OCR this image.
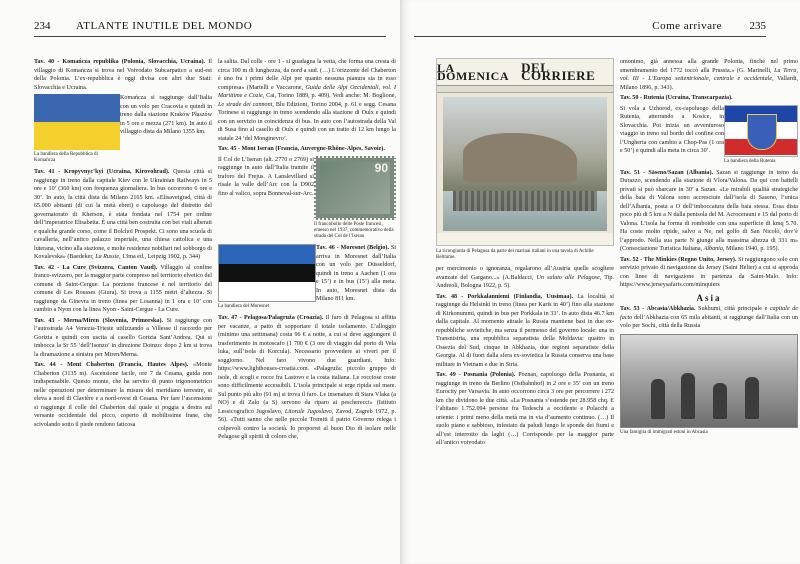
234 ATLANTE INUTILE DEL MONDO

Tav. 40 - Komańcza republika (Polonia, Slovacchia, Ucraina). Il villaggio di Komańcza si trova nel Voivodato Subcarpatico a sud-est della Polonia. L’ex-repubblica è oggi divisa con altri due Stati: Slovacchia e Ucraina.

La bandiera della Repubblica di Komańcza

Komańcza si raggiunge dall’Italia con un volo per Cracovia e quindi in treno dalla stazione Kraków Płaszów in 5 ore e mezza (271 km). In auto il villaggio dista da Milano 1355 km.

Tav. 41 - Kropyvnyc’kyi (Ucraina, Kirovohrad). Questa città si raggiunge in treno dalla capitale Kiev con le Ukrainian Railways in 5 ore e 10’ (360 km) con frequenza giornaliera. In bus occorrono 6 ore e 30’. In auto, la città dista da Milano 2165 km. «Elisavetgrad, città di 65.000 abitanti (di cui la metà ebrei) e capoluogo del distretto del governatorato di Kherson, è stata fondata nel 1754 per ordine dell’imperatrice Elisabetta. È una città ben costruita con bei viali alberati e qualche grande corso, come il Bolchoï Prospekt. Ci sono una scuola di cavalleria, nell’antico palazzo imperiale, una chiesa cattolica e una luterana, vicino alla stazione, e molte residenze nobiliari nel sobborgo di Kovalevska» (Baedeker, La Russie, 13ma ed., Leipzig 1902, p. 344)

Tav. 42 - La Cure (Svizzera, Canton Vaud). Villaggio al confine franco-svizzero, per la maggior parte compreso nel territorio elvetico del comune di Saint-Cergue. La porzione francese è nel territorio del comune di Les Rousses (Giura). Si trova a 1155 metri d’altezza. Si raggiunge da Ginevra in treno (linea per Losanna) in 1 ora e 10’ con cambio a Nyon con la linea Nyon - Saint-Cergue - La Cure.

Tav. 43 - Merna/Miren (Slovenia, Primorska). Si raggiunge con l’autostrada A4 Venezia-Trieste utilizzando a Villesse il raccordo per Gorizia e quindi con uscita al casello Gorizia Sant’Andrea. Qui si imbocca la Sr 55 ‘dell’Isonzo’ in direzione Doinzo: dopo 2 km si trova la diramazione a sinistra per Miren/Merna.

Tav. 44 - Mont Chaberton (Francia, Hautes Alpes). «Monte Chaberton (3135 m). Ascensione facile, ore 7 da Cesana, guida non indispensabile. Questo monte, che ha servito di punto trigonometrico nelle operazioni per determinare la misura del meridiano terrestre, si eleva a nord di Clavière e a nord-ovest di Cesana. Per fare l’ascensione si raggiunge il colle del Chaberton dal quale si poggia a destra sul versante occidentale del picco, coperto di mobilissime frane, che scivolando sotto il piede rendono faticosa

la salita. Dal colle - ore 1 - si guadagna la vetta, che forma una cresta di circa 100 m di lunghezza, da nord a sud. (…) L’orizzonte del Chaberton è uno fra i primi delle Alpi per quanto nessuna pianura sia in esso compresa» (Martelli e Vaccarone, Guida delle Alpi Occidentali, vol. I Marittime e Cozie, Cai, Torino 1889, p. 409). Vedi anche: M. Boglione, Le strade dei cannoni, Blu Edizioni, Torino 2004, p. 61 e segg. Cesana Torinese si raggiunge in treno scendendo alla stazione di Oulx e quindi con un servizio in coincidenza di bus. In auto con l’autostrada della Val di Susa fino al casello di Oulx e quindi con un tratto di 12 km lungo la statale 24 ‘del Monginevro’.

Tav. 45 - Mont Iseran (Francia, Auvergne-Rhône-Alpes, Savoie).

90
Il francobollo delle Poste francesi, emesso nel 1937, commemorativo della strada del Col de l’Iseran

Il Col de L’Iseran (alt. 2770 o 2769) si raggiunge in auto dall’Italia tramite il traforo del Frejus. A Lanslevillard si risale la valle dell’Arc con la D902 fino al valico, sopra Bonneval-sur-Arc.

La bandiera del Moresnet

Tav. 46 - Moresnet (Belgio). Si arriva in Moresnet dall’Italia con un volo per Düsseldorf, quindi in treno a Aachen (1 ora e 15’) e in bus (15’) alla meta. In auto, Moresnet dista da Milano 811 km.

Tav. 47 - Pelagosa/Palagruža (Croazia). Il faro di Pelagosa si affitta per vacanze, a patto di sopportare il totale isolamento. L’alloggio (minimo una settimana) costa 96 € a notte, a cui si deve aggiungere il trasferimento in motoscafo (1 700 € (3 ore di viaggio dal porto di Vela luka, sull’isola di Korcula). Necessario provvedere ai viveri per il soggiorno. Nel faro vivono due guardiani. Info: https://www.lighthouses-croatia.com. «Palagruža: piccolo gruppo di isole, di scogli e rocce fra Lastovo e la costa italiana. Le rocciose coste sono difficilmente accessibili. L’isola principale si erge ripida sul mare. Sul punto più alto (91 m) si trova il faro. Le insenature di Stara Vlaka (a NO) e di Zalo (a S) servono da riparo ai pescherecci» (Istituto Lessicografico Jugoslavo, Litorale Jugoslavo, Zavod, Zagreb 1972, p. 56). «Tutti sanno che nelle piccole Tremiti il patrio Governo relega i colpevoli contro la società. Io proporrei al buon Dio di isolare nelle Pelagose gli spiriti di coloro che,

Come arrivare	235
LA DOMENICA

DEL CORRIERE
La ricongiunta di Pelagosa da parte dei marinai italiani in una tavola di Achille Beltrame.

per mercimonio o ignoranza, regalarono all’Austria quelle scogliere avanzate del Gargano...» (A.Baldacci, Un saluto alle Pelagose, Tip. Andreoli, Bologna 1922, p. 5).

Tav. 48 - Porkkalanniemi (Finlandia, Uusimaa). La località si raggiunge da Helsinki in treno (linea per Karis in 40’) fino alla stazione di Kirkonummi, quindi in bus per Porkkala in 33’. In auto dista 46.7 km dalla capitale. Al momento attuale la Russia mantiene basi in due ex-repubbliche sovietiche, ma senza il permesso del governo locale: una in Transnistria, una repubblica separatista della Moldavia: quattro in Ossezia del Sud, cinque in Abkhazia, due regioni separatiste della Georgia. Al di fuori dalla sfera ex-sovietica la Russia conserva una base militare in Vietnam e due in Siria.

Tav. 49 - Posnania (Polonia). Poznan, capoluogo della Posnania, si raggiunge in treno da Berlino (Ostbahnhof) in 2 ore e 35’ con un treno Eurocity per Varsavia. In auto occorrono circa 3 ore per percorrere i 272 km che dividono le due città. «La Posnania s’estende per 28.958 chq. E l’abitano 1.752.094 persone fra Tedeschi a occidente e Polacchi a oriente: i primi meno della metà ma in via d’aumento continuo. (…) Il suolo piano e sabbioso, infestato da paludi lungo le sponde dei fiumi e all’est interrotto da laghi (…) Corrisponde per la maggior parte all’antico voivodato

omonimo, già annessa alla grande Polonia, finché nel primo smembramento del 1772 toccò alla Prussia.» (G. Marinelli, La Terra, vol. III - L’Europa settentrionale, centrale e occidentale, Vallardi, Milano 1896, p. 343).

Tav. 50 - Rutenia (Ucraina, Transcarpazia).

La bandiera della Rutenia

Si vola a Uzhorod, ex-capoluogo della Rutenia, atterrando a Kosice, in Slovacchia. Poi inizia un avventuroso viaggio in treno sul bordo del confine con l’Ungheria con cambio a Chop-Pas (1 ora e 50’) e quindi alla meta in circa 30’.

Tav. 51 - Säseno/Sazan (Albania). Sazan si raggiunge in treno da Durazzo, scendendo alla stazione di Vlora/Valona. Da qui con battelli privati si può sbarcare in 30’ a Sazan. «Le mirabili qualità strategiche della baia di Valona sono accresciute dall’isola di Saseno, l’unica dell’Albania, posta a O dell’imboccatura della baia stessa. Essa dista poco più di 5 km a N dalla penisola del M. Acrocerauni e 15 dal porto di Valona. L’isola ha forma di romboide con una superficie di kmq 5.70. Ha coste molto ripide, salvo a Ne, nel golfo di San Nicolò, dov’è l’approdo. Nella sua parte N giunge alla massima altezza di 331 m» (Consociazione Turistica Italiana, Albania, Milano 1940, p. 195).

Tav. 52 - The Minkies (Regno Unito, Jersey). Si raggiungono solo con servizio privato di navigazione da Jersey (Saint Helier) a cui si approda con linee di navigazione in partenza da Saint-Malo. Info: https://www.jerseysafaris.com/minquiers

Asia

Tav. 53 - Abcasia/Abkhazia. Sukhumi, città principale e capitale de facto dell’Abkhazia con 65 mila abitanti, si raggiunge dall’Italia con un volo per Sochi, città della Russia

Una famiglia di immigrati estoni in Abcasia
